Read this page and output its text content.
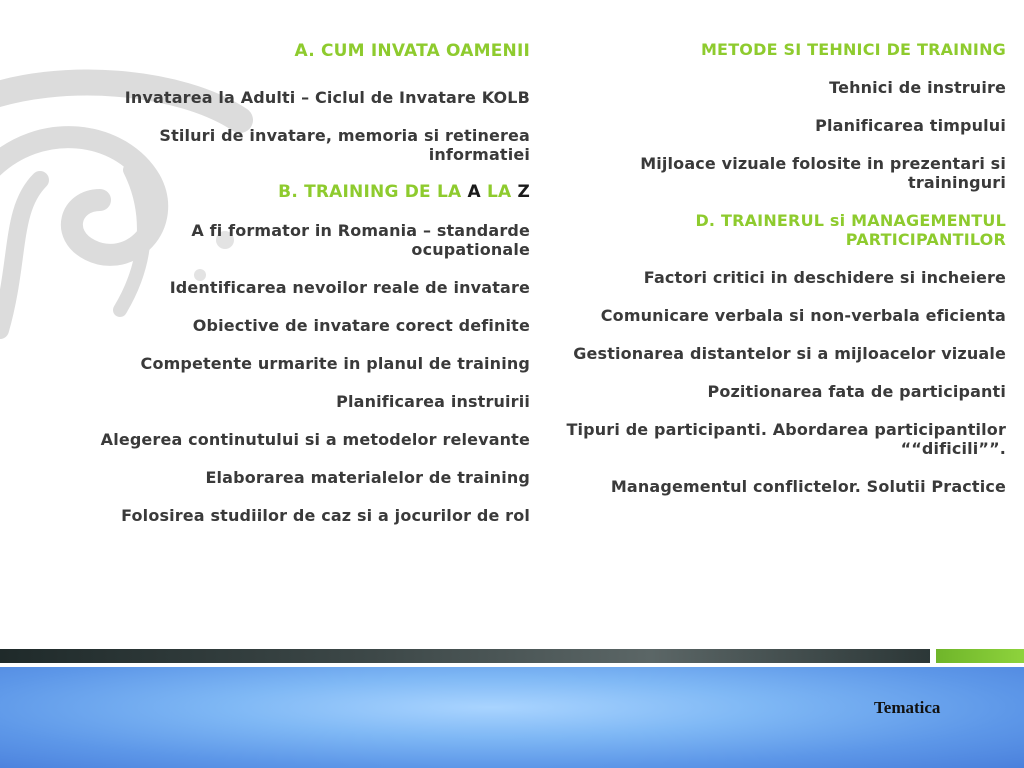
A. CUM INVATA OAMENII
Invatarea la Adulti – Ciclul de Invatare KOLB
Stiluri de invatare, memoria si retinerea informatiei
B. TRAINING DE LA A LA Z
A fi formator in Romania – standarde ocupationale
Identificarea nevoilor reale de invatare
Obiective de invatare corect definite
Competente urmarite in planul de training
Planificarea instruirii
Alegerea continutului si a metodelor relevante
Elaborarea materialelor de training
Folosirea studiilor de caz si a jocurilor de rol
METODE SI TEHNICI DE TRAINING
Tehnici de instruire
Planificarea timpului
Mijloace vizuale folosite in prezentari si traininguri
D. TRAINERUL si MANAGEMENTUL PARTICIPANTILOR
Factori critici in deschidere si incheiere
Comunicare verbala si non-verbala eficienta
Gestionarea distantelor si a mijloacelor vizuale
Pozitionarea fata de participanti
Tipuri de participanti. Abordarea participantilor ““dificili””.
Managementul conflictelor. Solutii Practice
Tematica
